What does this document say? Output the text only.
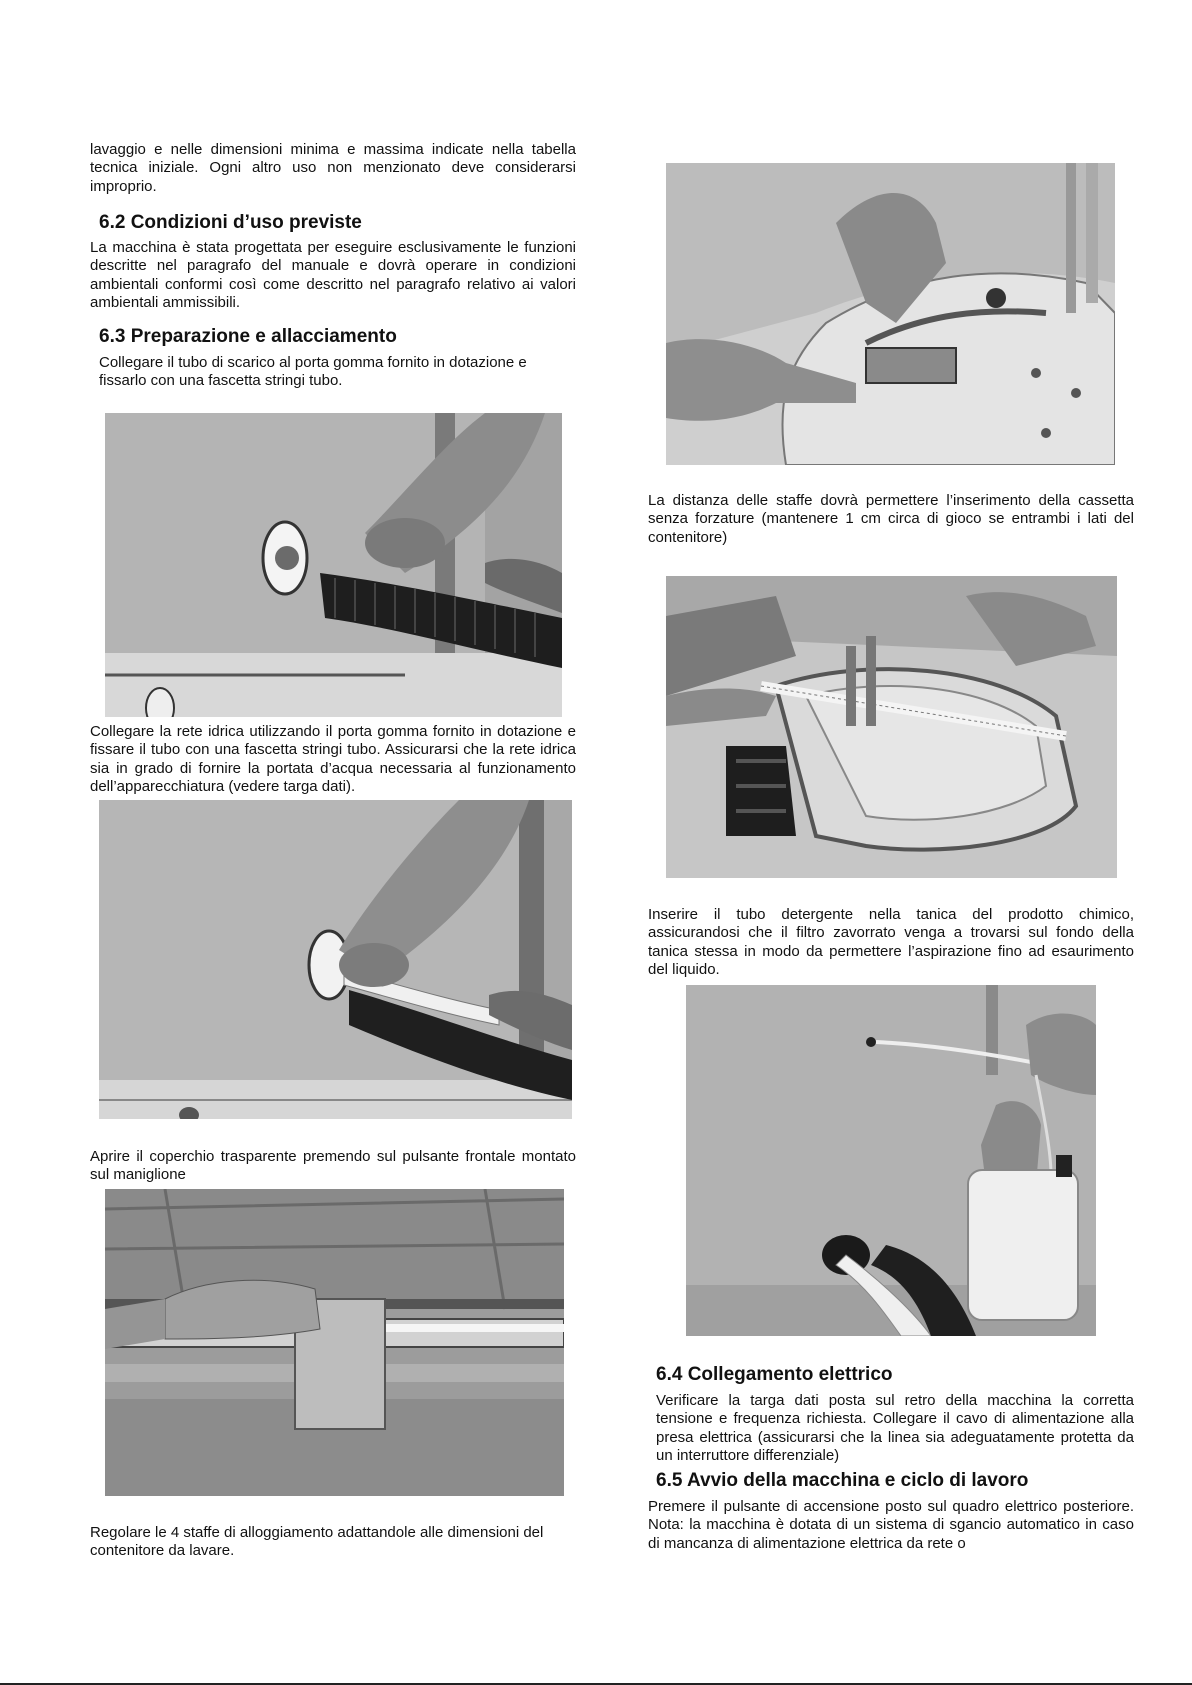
lavaggio e nelle dimensioni minima e massima indicate nella tabella tecnica iniziale. Ogni altro uso non menzionato deve considerarsi improprio.

6.2 Condizioni d’uso previste

La macchina è stata progettata per eseguire esclusivamente le funzioni descritte nel paragrafo del manuale e dovrà operare in condizioni ambientali conformi così come descritto nel paragrafo relativo ai valori ambientali ammissibili.

6.3 Preparazione e allacciamento

Collegare il tubo di scarico al porta gomma fornito in dotazione e fissarlo con una fascetta stringi tubo.

Collegare la rete idrica utilizzando il porta gomma fornito in dotazione e fissare il tubo con una fascetta stringi tubo. Assicurarsi che la rete idrica sia in grado di fornire la portata d’acqua necessaria al funzionamento dell’apparecchiatura (vedere targa dati).

Aprire il coperchio trasparente premendo sul pulsante frontale montato sul maniglione

Regolare le 4 staffe di alloggiamento adattandole alle dimensioni del contenitore da lavare.

La distanza delle staffe dovrà permettere l’inserimento della cassetta senza forzature (mantenere 1 cm circa di gioco se entrambi i lati del contenitore)

Inserire il tubo detergente nella tanica del prodotto chimico, assicurandosi che il filtro zavorrato venga a trovarsi sul fondo della tanica stessa in modo da permettere l’aspirazione fino ad esaurimento del liquido.

6.4 Collegamento elettrico

Verificare la targa dati posta sul retro della macchina la corretta tensione e frequenza richiesta. Collegare il cavo di alimentazione alla presa elettrica (assicurarsi che la linea sia adeguatamente protetta da un interruttore differenziale)

6.5 Avvio della macchina e ciclo di lavoro

Premere il pulsante di accensione posto sul quadro elettrico posteriore. Nota: la macchina è dotata di un sistema di sgancio automatico in caso di mancanza di alimentazione elettrica da rete o
